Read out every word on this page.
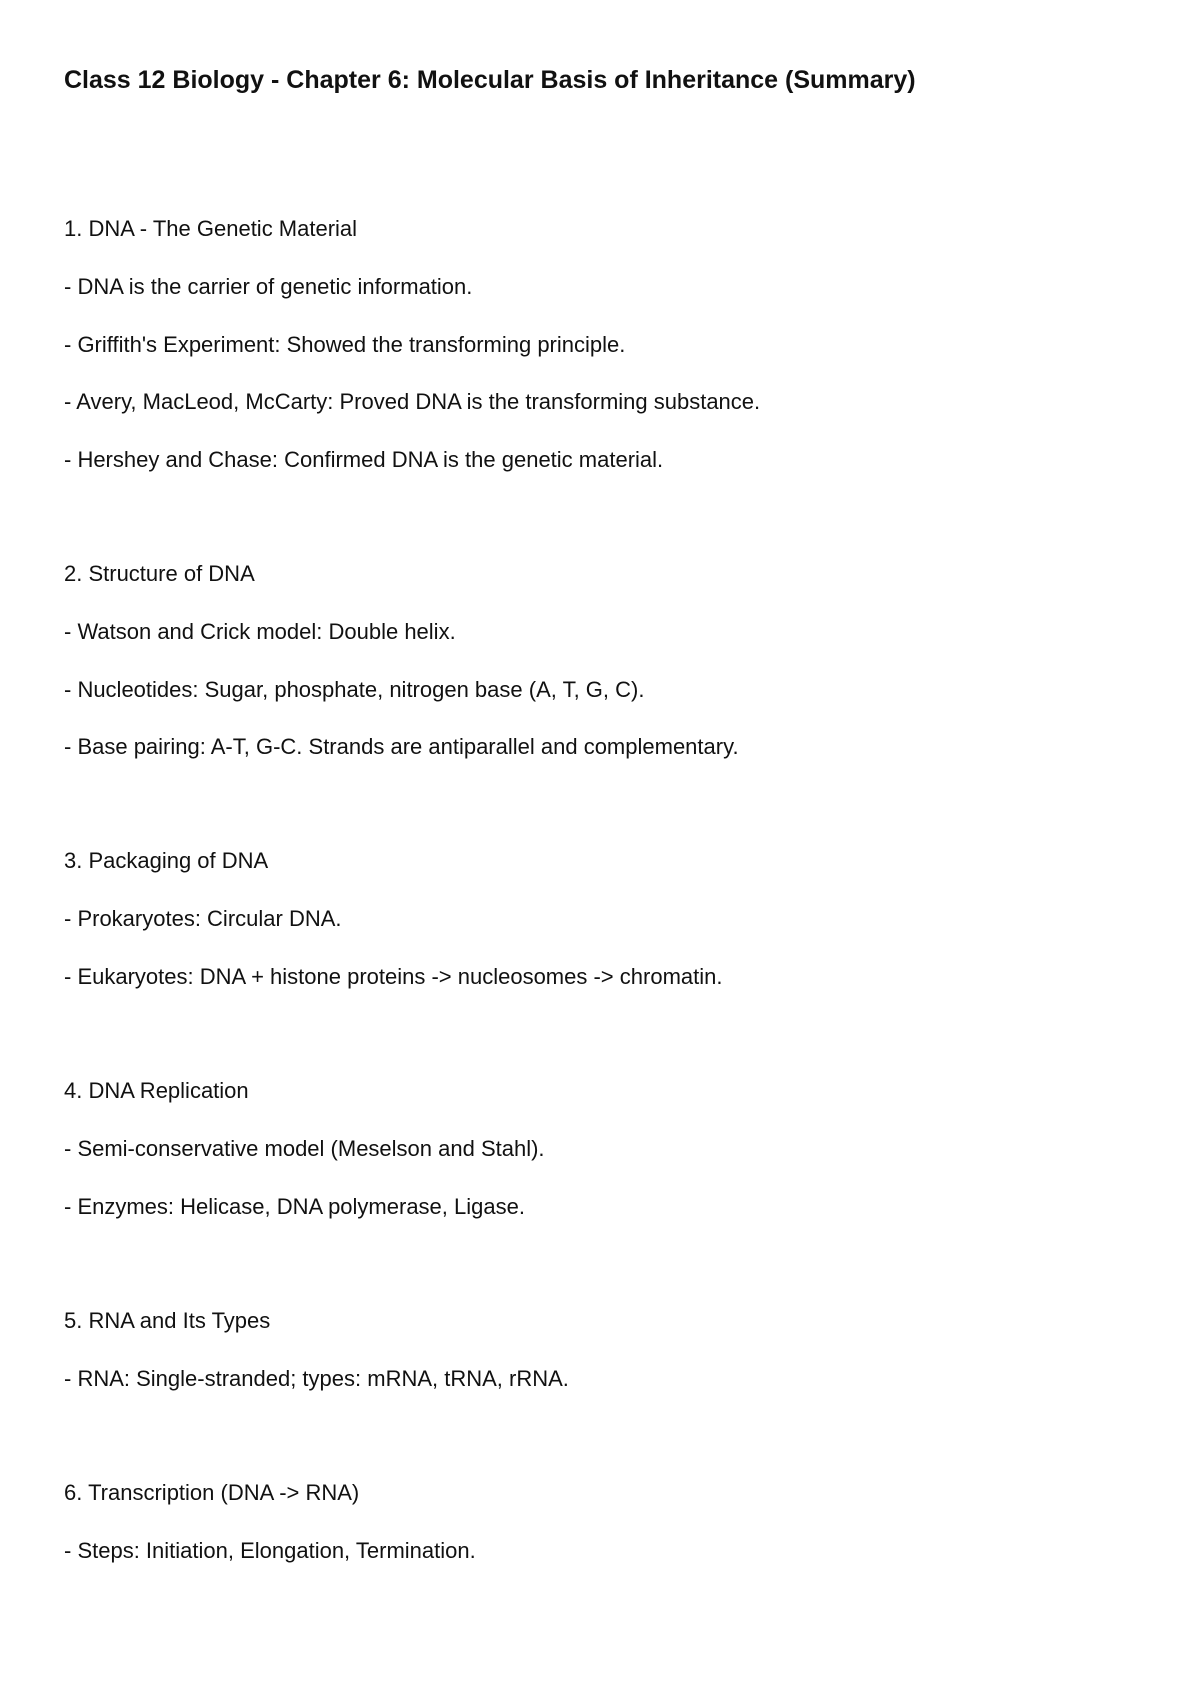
Class 12 Biology - Chapter 6: Molecular Basis of Inheritance (Summary)

1. DNA - The Genetic Material

- DNA is the carrier of genetic information.

- Griffith's Experiment: Showed the transforming principle.

- Avery, MacLeod, McCarty: Proved DNA is the transforming substance.

- Hershey and Chase: Confirmed DNA is the genetic material.

2. Structure of DNA

- Watson and Crick model: Double helix.

- Nucleotides: Sugar, phosphate, nitrogen base (A, T, G, C).

- Base pairing: A-T, G-C. Strands are antiparallel and complementary.

3. Packaging of DNA

- Prokaryotes: Circular DNA.

- Eukaryotes: DNA + histone proteins -> nucleosomes -> chromatin.

4. DNA Replication

- Semi-conservative model (Meselson and Stahl).

- Enzymes: Helicase, DNA polymerase, Ligase.

5. RNA and Its Types

- RNA: Single-stranded; types: mRNA, tRNA, rRNA.

6. Transcription (DNA -> RNA)

- Steps: Initiation, Elongation, Termination.
